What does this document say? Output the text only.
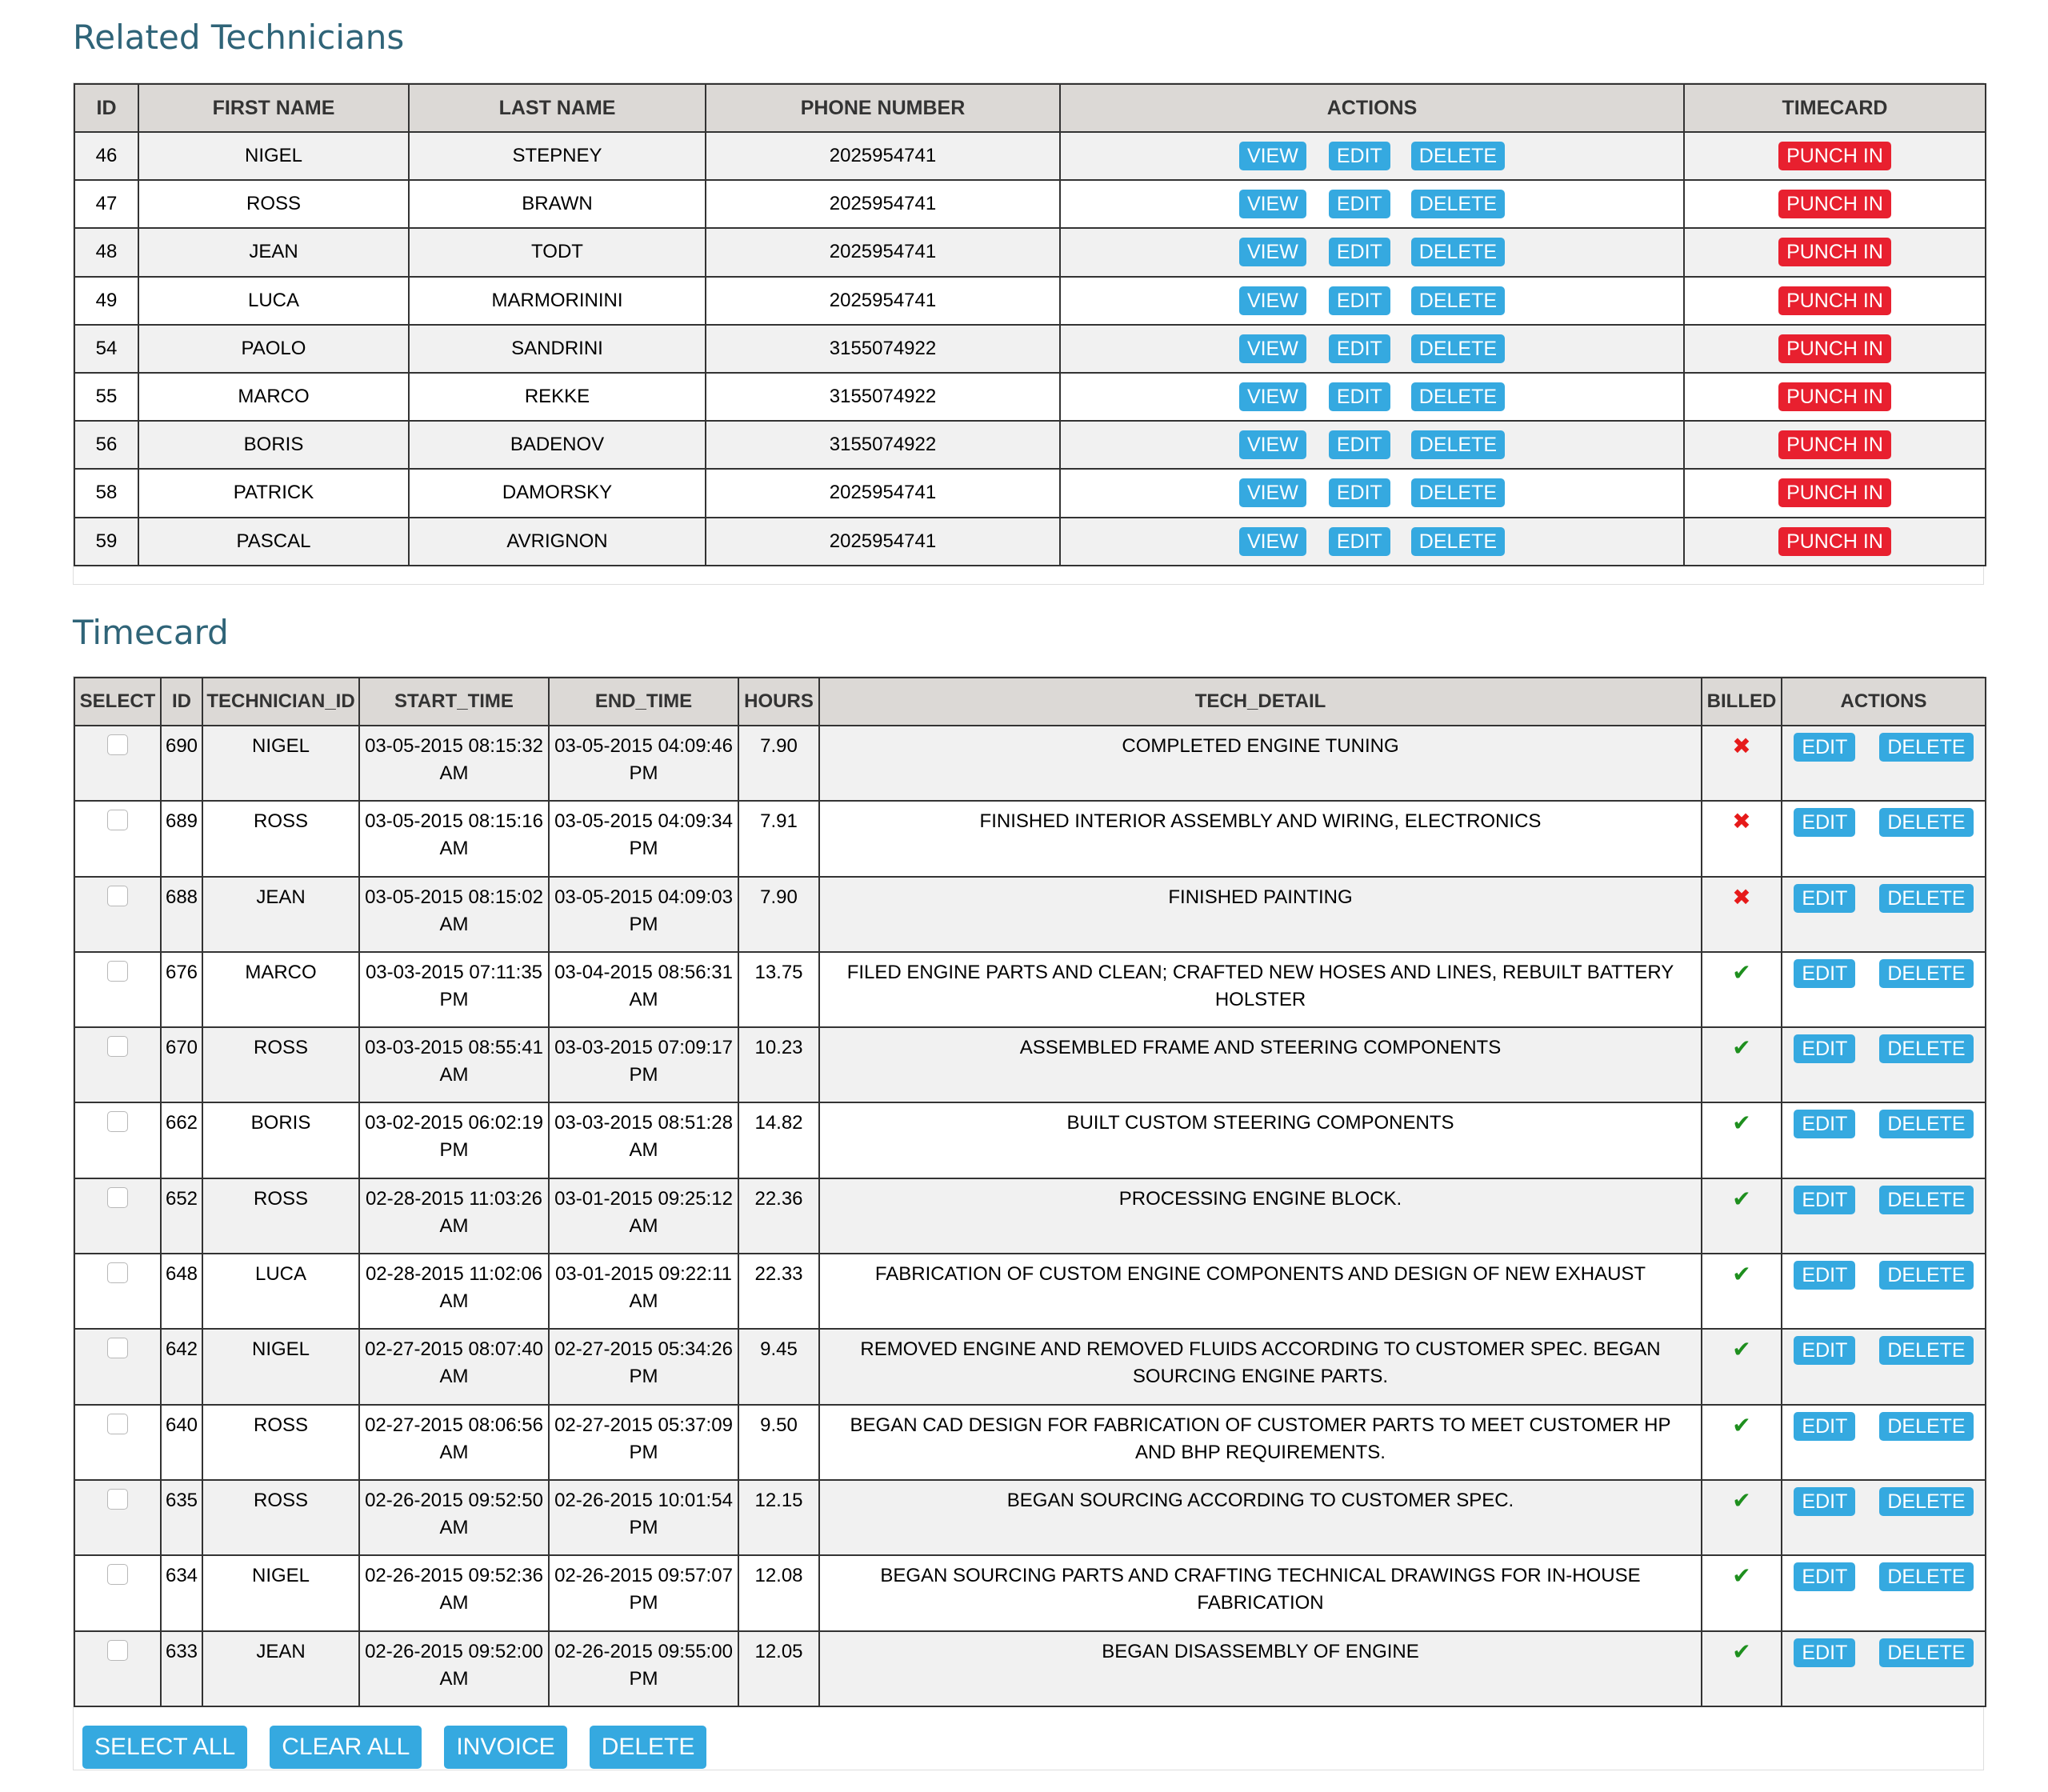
Related Technicians
ID	FIRST NAME	LAST NAME	PHONE NUMBER	ACTIONS	TIMECARD
46	NIGEL	STEPNEY	2025954741	VIEW EDIT DELETE	PUNCH IN
47	ROSS	BRAWN	2025954741	VIEW EDIT DELETE	PUNCH IN
48	JEAN	TODT	2025954741	VIEW EDIT DELETE	PUNCH IN
49	LUCA	MARMORININI	2025954741	VIEW EDIT DELETE	PUNCH IN
54	PAOLO	SANDRINI	3155074922	VIEW EDIT DELETE	PUNCH IN
55	MARCO	REKKE	3155074922	VIEW EDIT DELETE	PUNCH IN
56	BORIS	BADENOV	3155074922	VIEW EDIT DELETE	PUNCH IN
58	PATRICK	DAMORSKY	2025954741	VIEW EDIT DELETE	PUNCH IN
59	PASCAL	AVRIGNON	2025954741	VIEW EDIT DELETE	PUNCH IN
Timecard
SELECT	ID	TECHNICIAN_ID	START_TIME	END_TIME	HOURS	TECH_DETAIL	BILLED	ACTIONS
	690	NIGEL	03-05-2015 08:15:32 AM	03-05-2015 04:09:46 PM	7.90	COMPLETED ENGINE TUNING	✖	EDIT DELETE
	689	ROSS	03-05-2015 08:15:16 AM	03-05-2015 04:09:34 PM	7.91	FINISHED INTERIOR ASSEMBLY AND WIRING, ELECTRONICS	✖	EDIT DELETE
	688	JEAN	03-05-2015 08:15:02 AM	03-05-2015 04:09:03 PM	7.90	FINISHED PAINTING	✖	EDIT DELETE
	676	MARCO	03-03-2015 07:11:35 PM	03-04-2015 08:56:31 AM	13.75	FILED ENGINE PARTS AND CLEAN; CRAFTED NEW HOSES AND LINES, REBUILT BATTERY HOLSTER	✔	EDIT DELETE
	670	ROSS	03-03-2015 08:55:41 AM	03-03-2015 07:09:17 PM	10.23	ASSEMBLED FRAME AND STEERING COMPONENTS	✔	EDIT DELETE
	662	BORIS	03-02-2015 06:02:19 PM	03-03-2015 08:51:28 AM	14.82	BUILT CUSTOM STEERING COMPONENTS	✔	EDIT DELETE
	652	ROSS	02-28-2015 11:03:26 AM	03-01-2015 09:25:12 AM	22.36	PROCESSING ENGINE BLOCK.	✔	EDIT DELETE
	648	LUCA	02-28-2015 11:02:06 AM	03-01-2015 09:22:11 AM	22.33	FABRICATION OF CUSTOM ENGINE COMPONENTS AND DESIGN OF NEW EXHAUST	✔	EDIT DELETE
	642	NIGEL	02-27-2015 08:07:40 AM	02-27-2015 05:34:26 PM	9.45	REMOVED ENGINE AND REMOVED FLUIDS ACCORDING TO CUSTOMER SPEC. BEGAN SOURCING ENGINE PARTS.	✔	EDIT DELETE
	640	ROSS	02-27-2015 08:06:56 AM	02-27-2015 05:37:09 PM	9.50	BEGAN CAD DESIGN FOR FABRICATION OF CUSTOMER PARTS TO MEET CUSTOMER HP AND BHP REQUIREMENTS.	✔	EDIT DELETE
	635	ROSS	02-26-2015 09:52:50 AM	02-26-2015 10:01:54 PM	12.15	BEGAN SOURCING ACCORDING TO CUSTOMER SPEC.	✔	EDIT DELETE
	634	NIGEL	02-26-2015 09:52:36 AM	02-26-2015 09:57:07 PM	12.08	BEGAN SOURCING PARTS AND CRAFTING TECHNICAL DRAWINGS FOR IN-HOUSE FABRICATION	✔	EDIT DELETE
	633	JEAN	02-26-2015 09:52:00 AM	02-26-2015 09:55:00 PM	12.05	BEGAN DISASSEMBLY OF ENGINE	✔	EDIT DELETE
SELECT ALL CLEAR ALL INVOICE DELETE
